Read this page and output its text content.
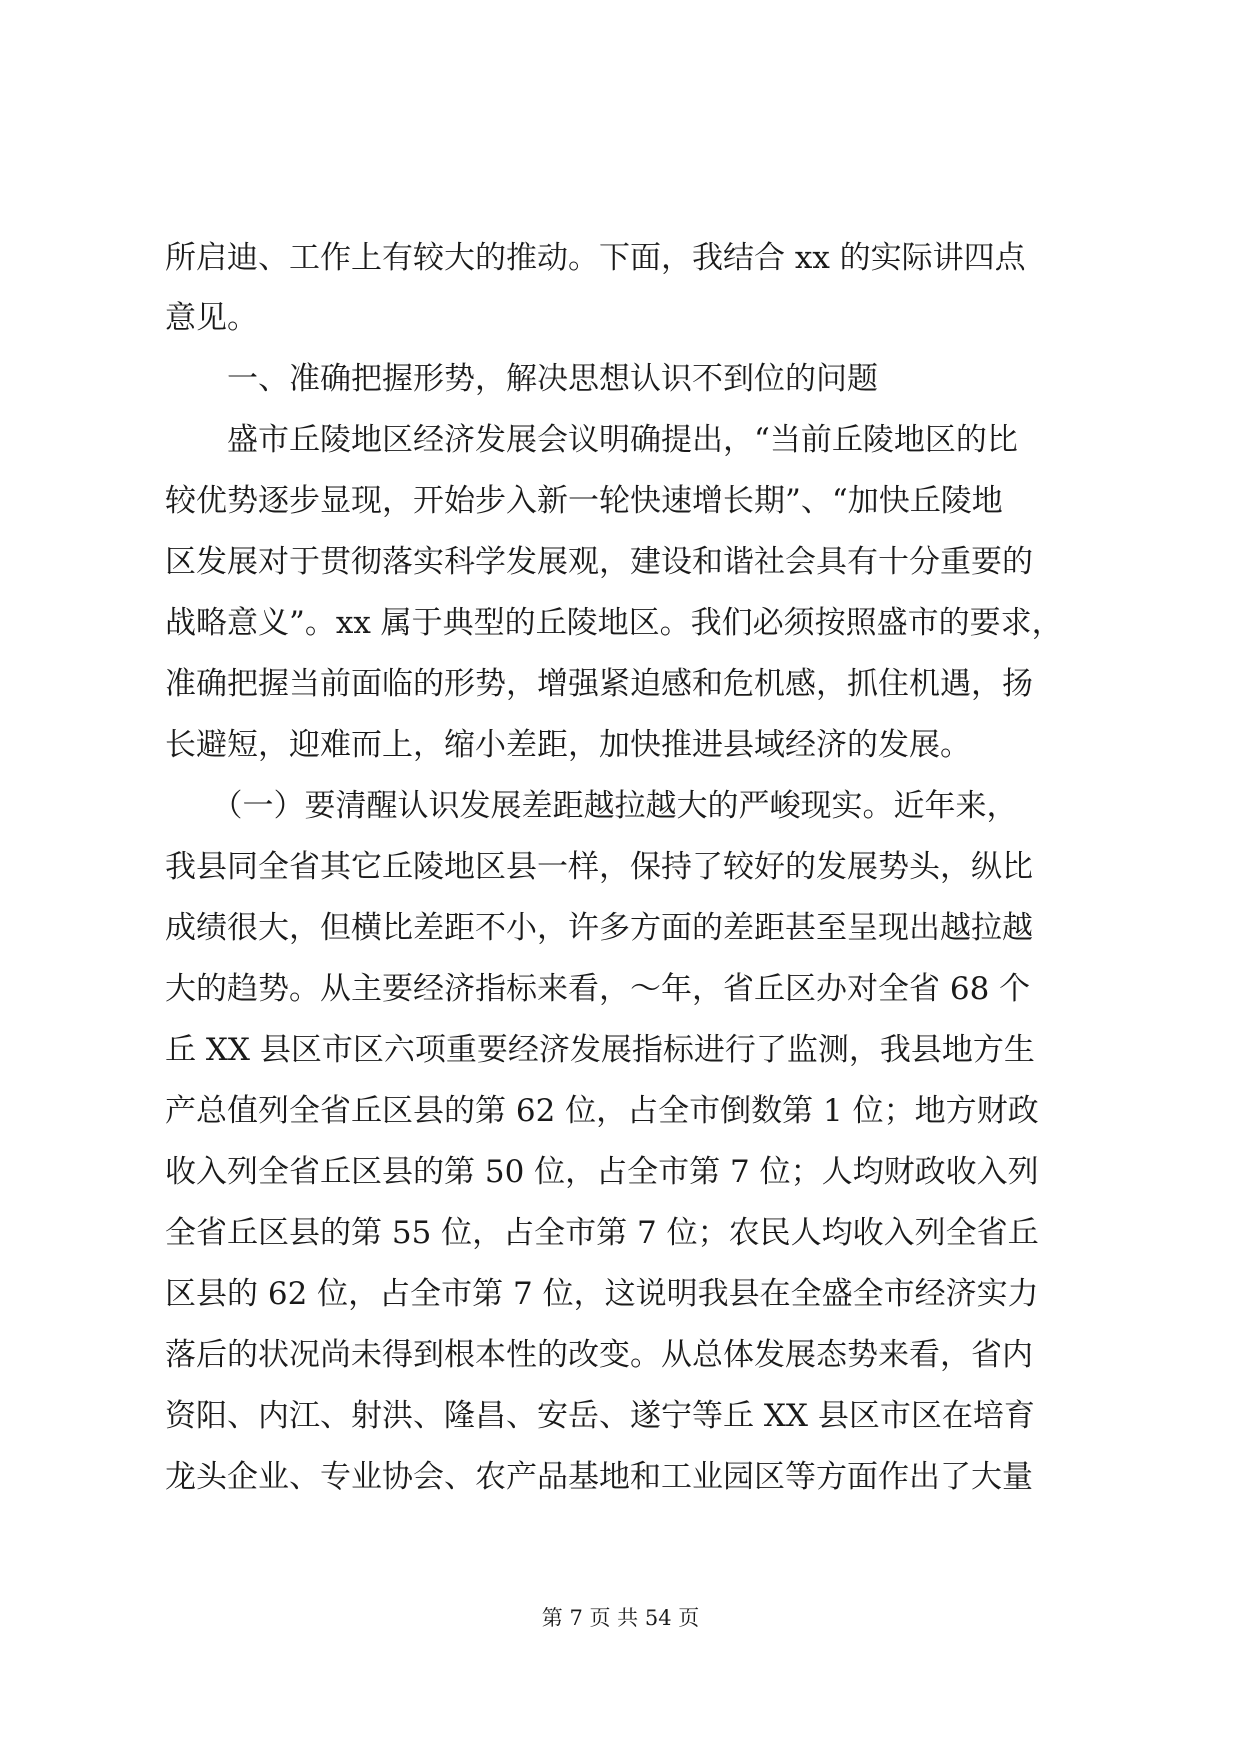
所启迪、工作上有较大的推动。下面，我结合 xx 的实际讲四点
意见。
　　一、准确把握形势，解决思想认识不到位的问题
　　盛市丘陵地区经济发展会议明确提出，“当前丘陵地区的比
较优势逐步显现，开始步入新一轮快速增长期”、“加快丘陵地
区发展对于贯彻落实科学发展观，建设和谐社会具有十分重要的
战略意义”。xx 属于典型的丘陵地区。我们必须按照盛市的要求，
准确把握当前面临的形势，增强紧迫感和危机感，抓住机遇，扬
长避短，迎难而上，缩小差距，加快推进县域经济的发展。
　　（一）要清醒认识发展差距越拉越大的严峻现实。近年来，
我县同全省其它丘陵地区县一样，保持了较好的发展势头，纵比
成绩很大，但横比差距不小，许多方面的差距甚至呈现出越拉越
大的趋势。从主要经济指标来看，～年，省丘区办对全省 68 个
丘 XX 县区市区六项重要经济发展指标进行了监测，我县地方生
产总值列全省丘区县的第 62 位，占全市倒数第 1 位；地方财政
收入列全省丘区县的第 50 位，占全市第 7 位；人均财政收入列
全省丘区县的第 55 位，占全市第 7 位；农民人均收入列全省丘
区县的 62 位，占全市第 7 位，这说明我县在全盛全市经济实力
落后的状况尚未得到根本性的改变。从总体发展态势来看，省内
资阳、内江、射洪、隆昌、安岳、遂宁等丘 XX 县区市区在培育
龙头企业、专业协会、农产品基地和工业园区等方面作出了大量
第 7 页 共 54 页
